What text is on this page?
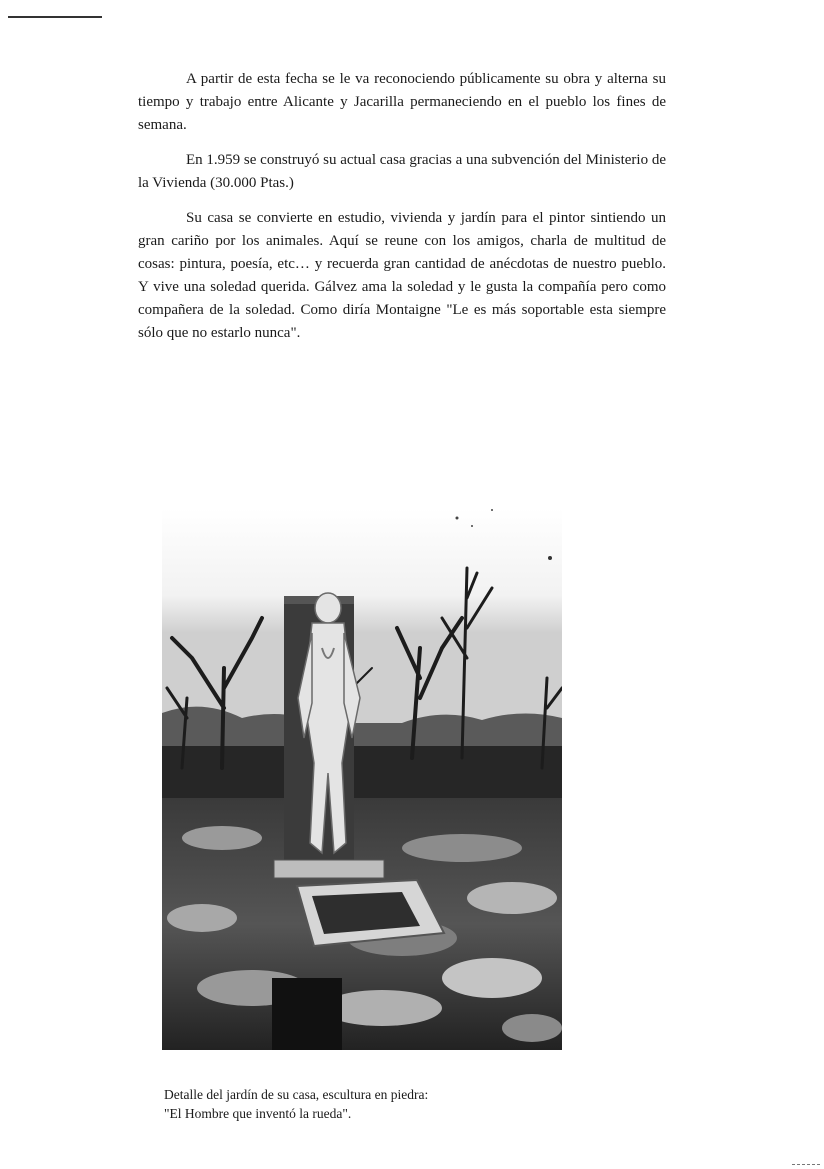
A partir de esta fecha se le va reconociendo públicamente su obra y alterna su tiempo y trabajo entre Alicante y Jacarilla permaneciendo en el pueblo los fines de semana.

En 1.959 se construyó su actual casa gracias a una subvención del Ministerio de la Vivienda (30.000 Ptas.)

Su casa se convierte en estudio, vivienda y jardín para el pintor sintiendo un gran cariño por los animales. Aquí se reune con los amigos, charla de multitud de cosas: pintura, poesía, etc… y recuerda gran cantidad de anécdotas de nuestro pueblo. Y vive una soledad querida. Gálvez ama la soledad y le gusta la compañía pero como compañera de la soledad. Como diría Montaigne "Le es más soportable esta siempre sólo que no estarlo nunca".

Detalle del jardín de su casa, escultura en piedra:
"El Hombre que inventó la rueda".
